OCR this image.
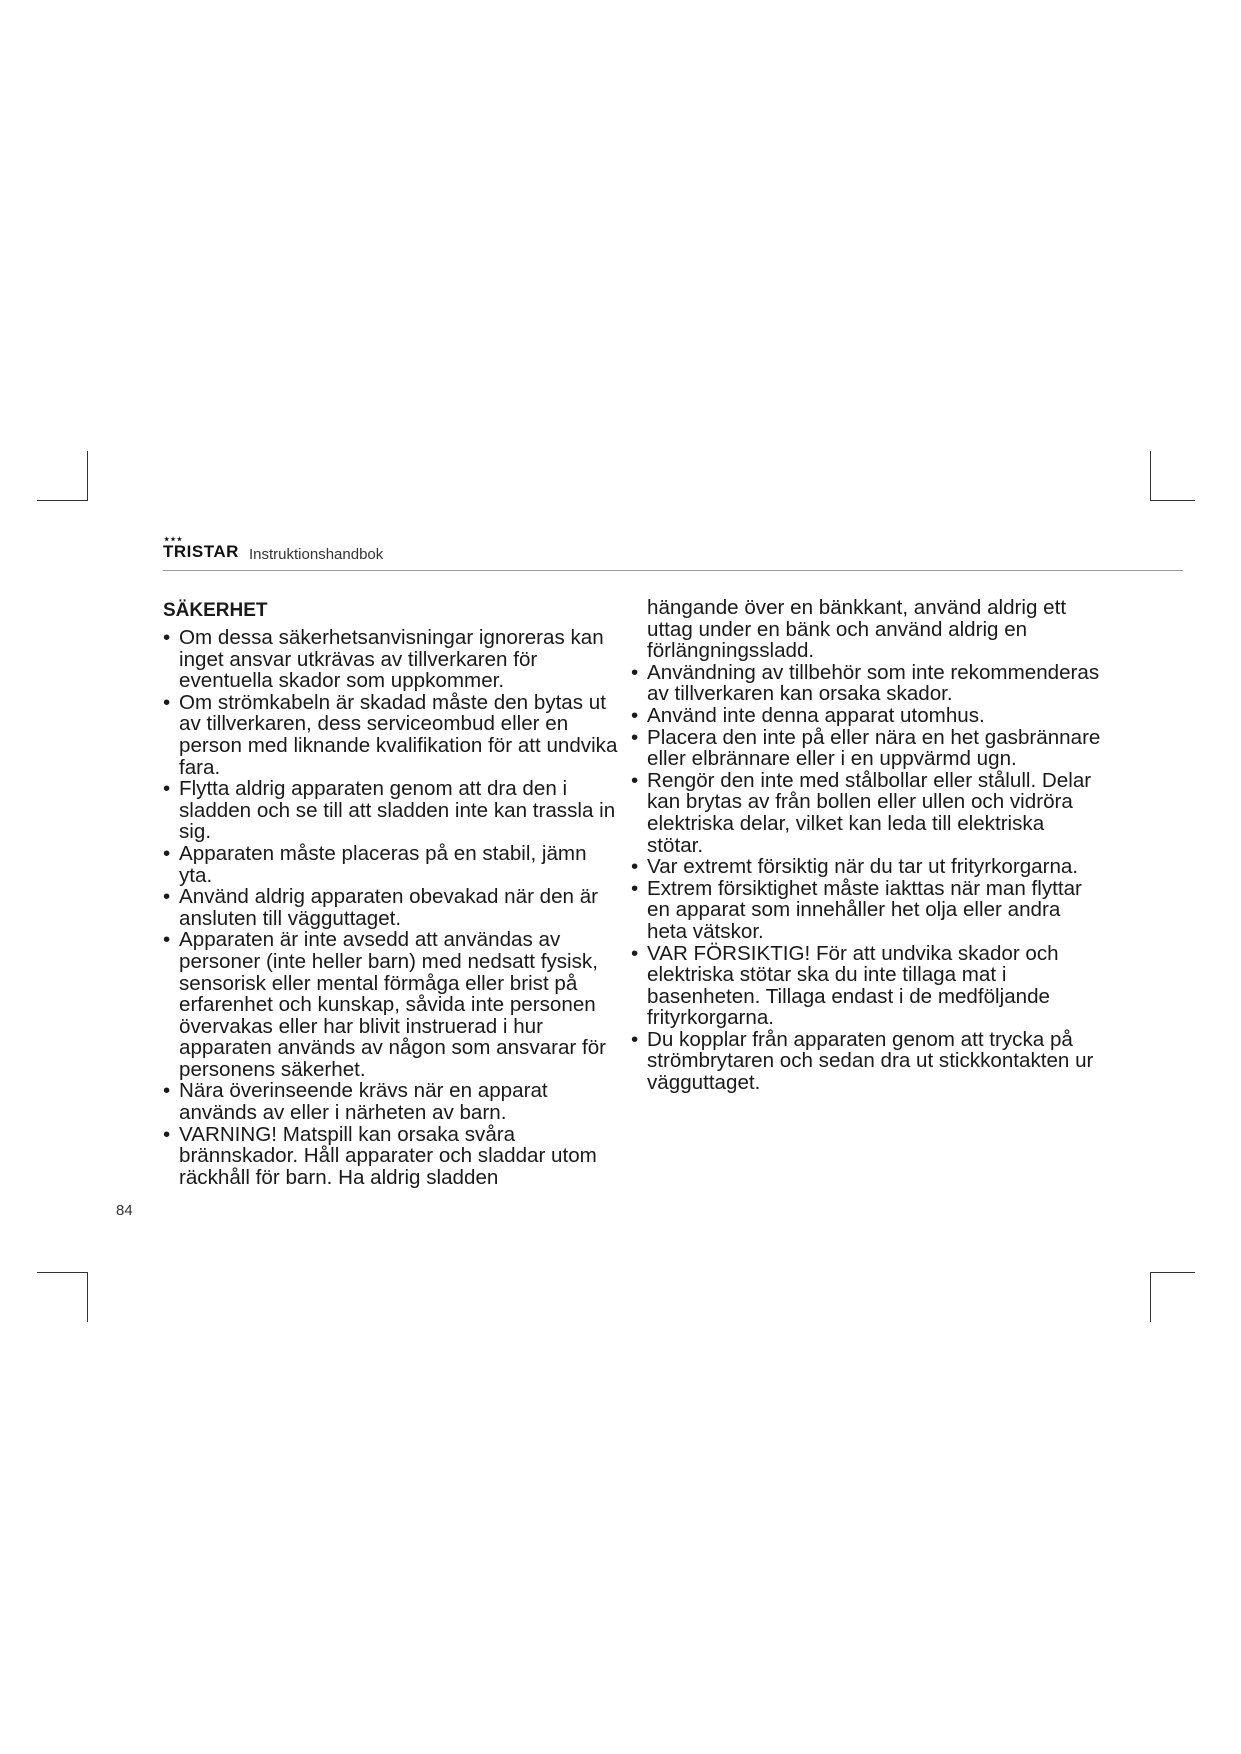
★★★
TRISTAR Instruktionshandbok
SÄKERHET
• Om dessa säkerhetsanvisningar ignoreras kan inget ansvar utkrävas av tillverkaren för eventuella skador som uppkommer.
• Om strömkabeln är skadad måste den bytas ut av tillverkaren, dess serviceombud eller en person med liknande kvalifikation för att undvika fara.
• Flytta aldrig apparaten genom att dra den i sladden och se till att sladden inte kan trassla in sig.
• Apparaten måste placeras på en stabil, jämn yta.
• Använd aldrig apparaten obevakad när den är ansluten till vägguttaget.
• Apparaten är inte avsedd att användas av personer (inte heller barn) med nedsatt fysisk, sensorisk eller mental förmåga eller brist på erfarenhet och kunskap, såvida inte personen övervakas eller har blivit instruerad i hur apparaten används av någon som ansvarar för personens säkerhet.
• Nära överinseende krävs när en apparat används av eller i närheten av barn.
• VARNING! Matspill kan orsaka svåra brännskador. Håll apparater och sladdar utom räckhåll för barn. Ha aldrig sladden
hängande över en bänkkant, använd aldrig ett uttag under en bänk och använd aldrig en förlängningssladd.
• Användning av tillbehör som inte rekommenderas av tillverkaren kan orsaka skador.
• Använd inte denna apparat utomhus.
• Placera den inte på eller nära en het gasbrännare eller elbrännare eller i en uppvärmd ugn.
• Rengör den inte med stålbollar eller stålull. Delar kan brytas av från bollen eller ullen och vidröra elektriska delar, vilket kan leda till elektriska stötar.
• Var extremt försiktig när du tar ut frityrkorgarna.
• Extrem försiktighet måste iakttas när man flyttar en apparat som innehåller het olja eller andra heta vätskor.
• VAR FÖRSIKTIG! För att undvika skador och elektriska stötar ska du inte tillaga mat i basenheten. Tillaga endast i de medföljande frityrkorgarna.
• Du kopplar från apparaten genom att trycka på strömbrytaren och sedan dra ut stickkontakten ur vägguttaget.
84
